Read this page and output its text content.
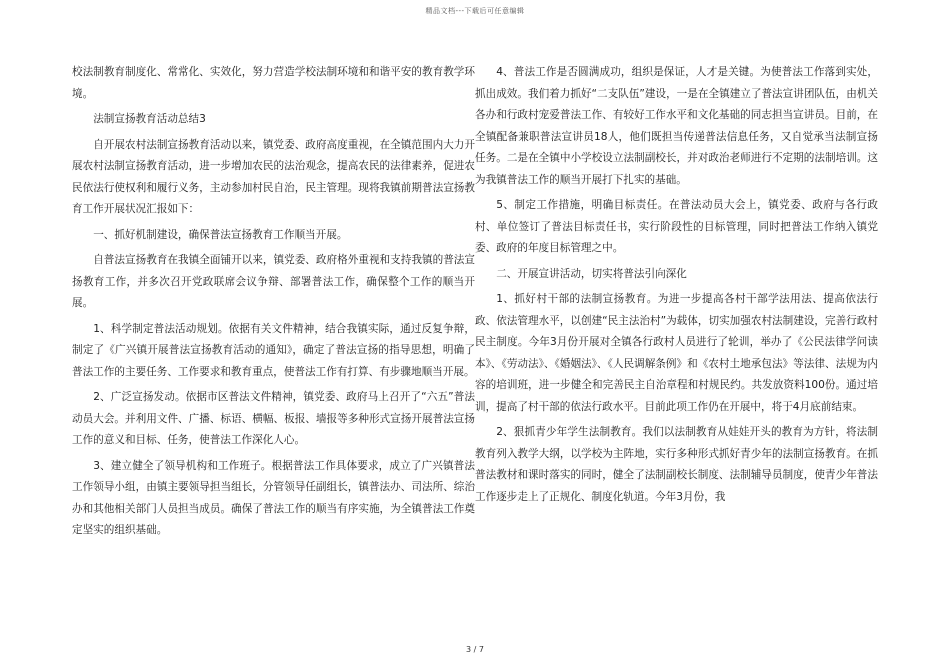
精品文档---下载后可任意编辑

校法制教育制度化、常常化、实效化，努力营造学校法制环境和和谐平安的教育教学环境。

法制宣扬教育活动总结3

自开展农村法制宣扬教育活动以来，镇党委、政府高度重视，在全镇范围内大力开展农村法制宣扬教育活动，进一步增加农民的法治观念，提高农民的法律素养，促进农民依法行使权利和履行义务，主动参加村民自治，民主管理。现将我镇前期普法宣扬教育工作开展状况汇报如下：

一、抓好机制建设，确保普法宣扬教育工作顺当开展。

自普法宣扬教育在我镇全面铺开以来，镇党委、政府格外重视和支持我镇的普法宣扬教育工作，并多次召开党政联席会议争辩、部署普法工作，确保整个工作的顺当开展。

1、科学制定普法活动规划。依据有关文件精神，结合我镇实际，通过反复争辩，制定了《广兴镇开展普法宣扬教育活动的通知》，确定了普法宣扬的指导思想，明确了普法工作的主要任务、工作要求和教育重点，使普法工作有打算、有步骤地顺当开展。

2、广泛宣扬发动。依据市区普法文件精神，镇党委、政府马上召开了“六五”普法动员大会。并利用文件、广播、标语、横幅、板报、墙报等多种形式宣扬开展普法宣扬工作的意义和目标、任务，使普法工作深化人心。

3、建立健全了领导机构和工作班子。根据普法工作具体要求，成立了广兴镇普法工作领导小组，由镇主要领导担当组长，分管领导任副组长，镇普法办、司法所、综治办和其他相关部门人员担当成员。确保了普法工作的顺当有序实施，为全镇普法工作奠定坚实的组织基础。

4、普法工作是否圆满成功，组织是保证，人才是关键。为使普法工作落到实处，抓出成效。我们着力抓好“二支队伍”建设，一是在全镇建立了普法宣讲团队伍，由机关各办和行政村宠爱普法工作、有较好工作水平和文化基础的同志担当宣讲员。目前，在全镇配备兼职普法宣讲员18人，他们既担当传递普法信息任务，又自觉承当法制宣扬任务。二是在全镇中小学校设立法制副校长，并对政治老师进行不定期的法制培训。这为我镇普法工作的顺当开展打下扎实的基础。

5、制定工作措施，明确目标责任。在普法动员大会上，镇党委、政府与各行政村、单位签订了普法目标责任书，实行阶段性的目标管理，同时把普法工作纳入镇党委、政府的年度目标管理之中。

二、开展宣讲活动，切实将普法引向深化

1、抓好村干部的法制宣扬教育。为进一步提高各村干部学法用法、提高依法行政、依法管理水平，以创建“民主法治村”为载体，切实加强农村法制建设，完善行政村民主制度。今年3月份开展对全镇各行政村人员进行了轮训，举办了《公民法律学问读本》、《劳动法》、《婚姻法》、《人民调解条例》和《农村土地承包法》等法律、法规为内容的培训班，进一步健全和完善民主自治章程和村规民约。共发放资料100份。通过培训，提高了村干部的依法行政水平。目前此项工作仍在开展中，将于4月底前结束。

2、狠抓青少年学生法制教育。我们以法制教育从娃娃开头的教育为方针，将法制教育列入教学大纲，以学校为主阵地，实行多种形式抓好青少年的法制宣扬教育。在抓普法教材和课时落实的同时，健全了法制副校长制度、法制辅导员制度，使青少年普法工作逐步走上了正规化、制度化轨道。今年3月份，我

3 / 7
